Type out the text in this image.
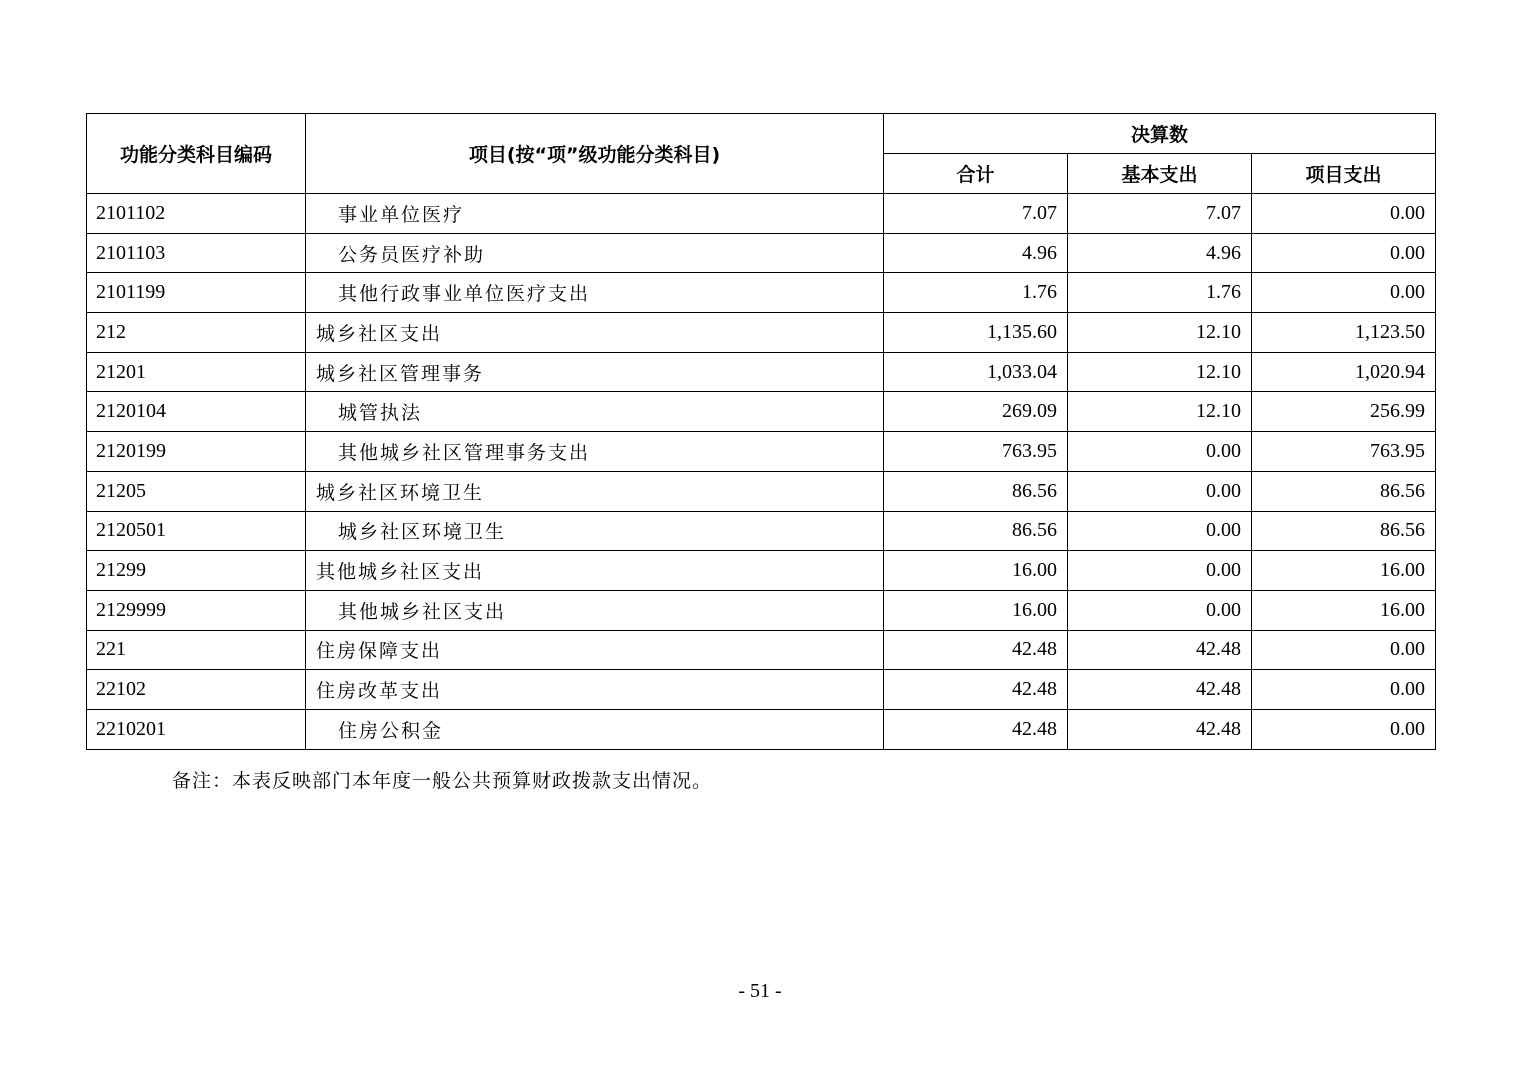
功能分类科目编码	项目(按“项”级功能分类科目)	决算数		
		合计	基本支出	项目支出
2101102	事业单位医疗	7.07	7.07	0.00
2101103	公务员医疗补助	4.96	4.96	0.00
2101199	其他行政事业单位医疗支出	1.76	1.76	0.00
212	城乡社区支出	1,135.60	12.10	1,123.50
21201	城乡社区管理事务	1,033.04	12.10	1,020.94
2120104	城管执法	269.09	12.10	256.99
2120199	其他城乡社区管理事务支出	763.95	0.00	763.95
21205	城乡社区环境卫生	86.56	0.00	86.56
2120501	城乡社区环境卫生	86.56	0.00	86.56
21299	其他城乡社区支出	16.00	0.00	16.00
2129999	其他城乡社区支出	16.00	0.00	16.00
221	住房保障支出	42.48	42.48	0.00
22102	住房改革支出	42.48	42.48	0.00
2210201	住房公积金	42.48	42.48	0.00
备注：本表反映部门本年度一般公共预算财政拨款支出情况。
- 51 -
